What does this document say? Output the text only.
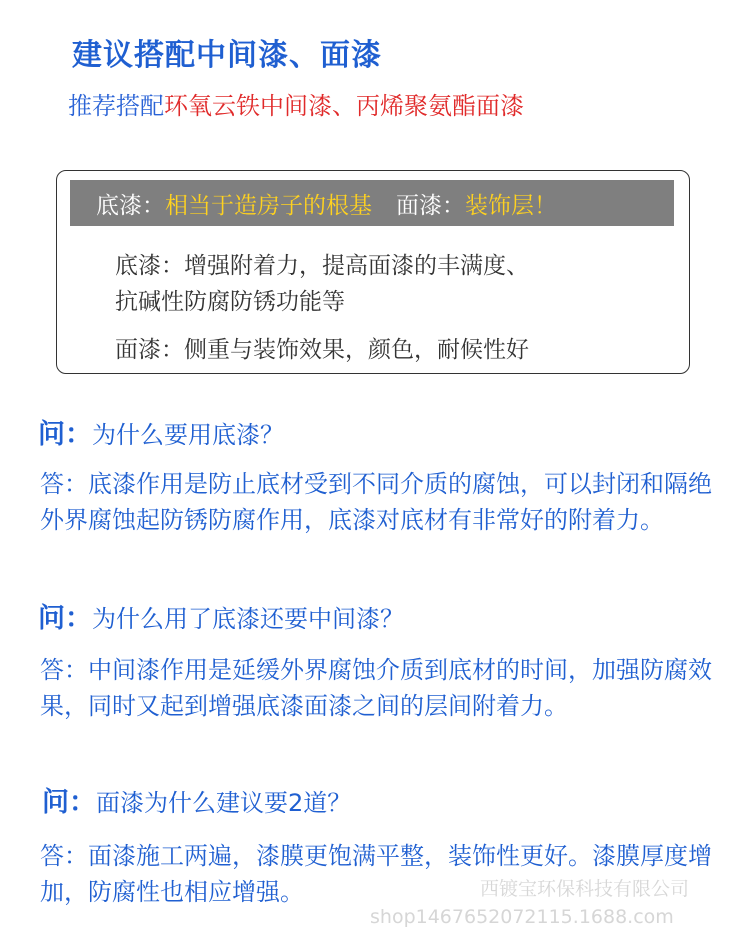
建议搭配中间漆、面漆
推荐搭配环氧云铁中间漆、丙烯聚氨酯面漆
底漆： 相当于造房子的根基 面漆： 装饰层！
底漆：增强附着力，提高面漆的丰满度、
抗碱性防腐防锈功能等
面漆：侧重与装饰效果，颜色，耐候性好
问：为什么要用底漆？
答：底漆作用是防止底材受到不同介质的腐蚀，可以封闭和隔绝外界腐蚀起防锈防腐作用，底漆对底材有非常好的附着力。
问：为什么用了底漆还要中间漆？
答：中间漆作用是延缓外界腐蚀介质到底材的时间，加强防腐效果，同时又起到增强底漆面漆之间的层间附着力。
问：面漆为什么建议要2道？
答：面漆施工两遍，漆膜更饱满平整，装饰性更好。漆膜厚度增加，防腐性也相应增强。	西镀宝环保科技有限公司
shop1467652072115.1688.com
